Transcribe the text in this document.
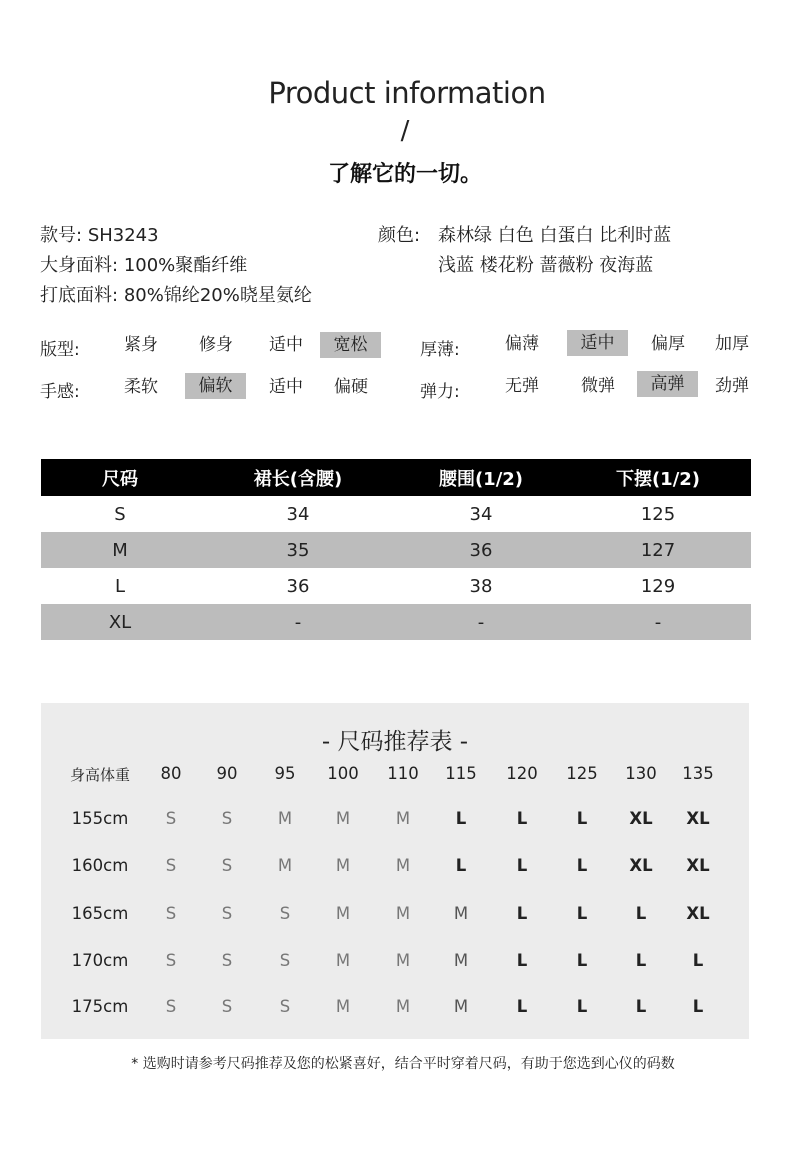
Product information
/
了解它的一切。
款号: SH3243
大身面料: 100%聚酯纤维
打底面料: 80%锦纶20%晓星氨纶
颜色: 森林绿 白色 白蛋白 比利时蓝
浅蓝 楼花粉 蔷薇粉 夜海蓝
版型:	紧身	修身	适中	宽松	厚薄:	偏薄	适中	偏厚	加厚
手感:	柔软	偏软	适中	偏硬	弹力:	无弹	微弹	高弹	劲弹
尺码	裙长(含腰)	腰围(1/2)	下摆(1/2)
S	34	34	125
M	35	36	127
L	36	38	129
XL	-	-	-
- 尺码推荐表 -
身高体重	80	90	95	100	110	115	120	125	130	135
155cm	S	S	M	M	M	L	L	L	XL	XL
160cm	S	S	M	M	M	L	L	L	XL	XL
165cm	S	S	S	M	M	M	L	L	L	XL
170cm	S	S	S	M	M	M	L	L	L	L
175cm	S	S	S	M	M	M	L	L	L	L
* 选购时请参考尺码推荐及您的松紧喜好，结合平时穿着尺码，有助于您选到心仪的码数
